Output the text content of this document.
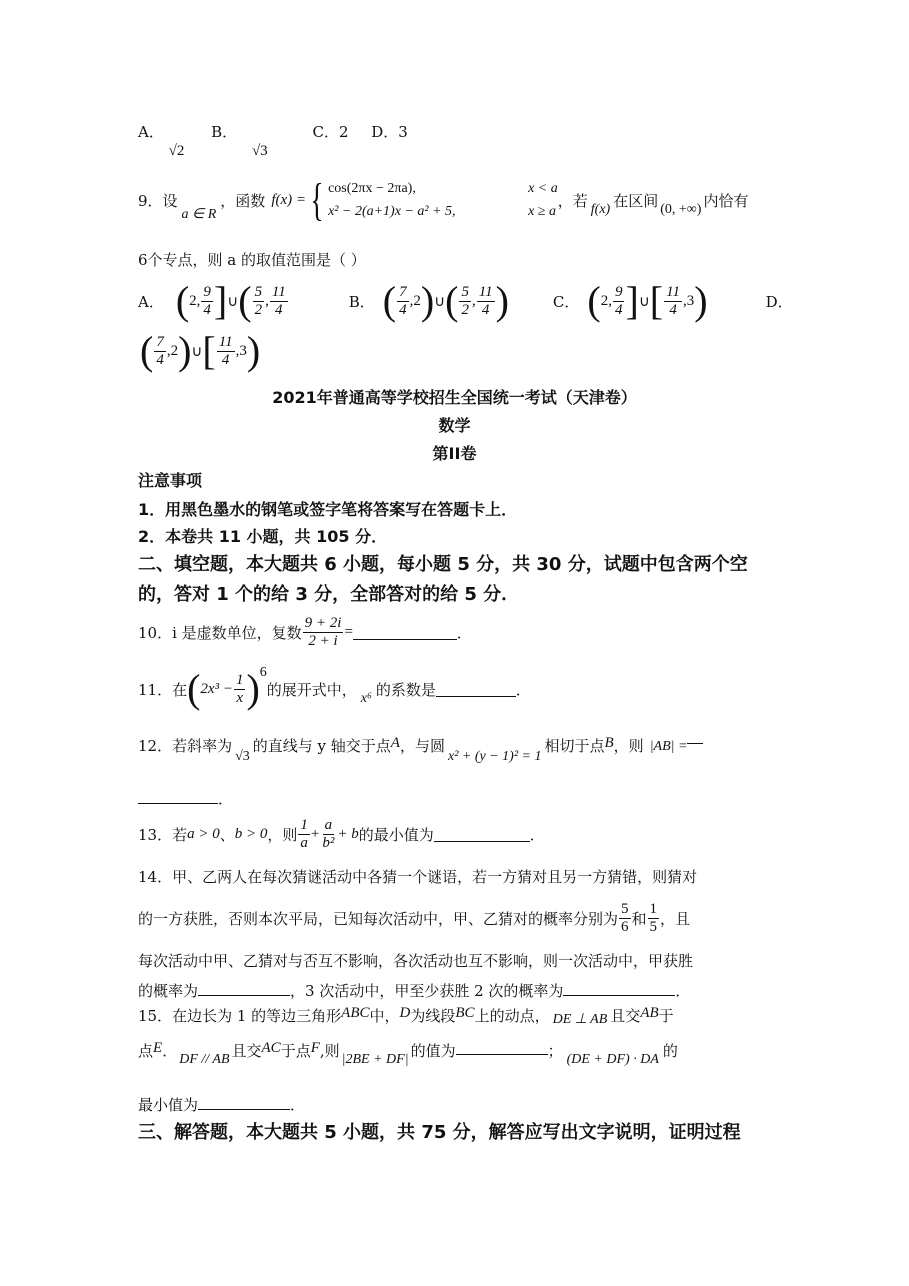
A． √2 B． √3 C．2 D．3
9．设
a ∈ R
，函数 f(x) = { cos(2πx − 2πa),	x < a
x² − 2(a+1)x − a² + 5,	x ≥ a
，若 f(x) 在区间 (0, +∞) 内恰有
6个专点，则 a 的取值范围是（ ）
A． ( 2, $\frac{9}{4}$ ] ∪ ( $\frac{5}{2}$ , $\frac{11}{4}$	B． ( $\frac{7}{4} ,2$ ) ∪ ( $\frac{5}{2}$ , $\frac{11}{4}$ )	C． ( 2, $\frac{9}{4}$ ] ∪ [ $\frac{11}{4} ,3$ )	D．
( $\frac{7}{4} ,2$ ) ∪ [ $\frac{11}{4} ,3$ )
2021年普通高等学校招生全国统一考试（天津卷）
数学
第II卷
注意事项
1．用黑色墨水的钢笔或签字笔将答案写在答题卡上．
2．本卷共 11 小题，共 105 分．
二、填空题，本大题共 6 小题，每小题 5 分，共 30 分，试题中包含两个空
的，答对 1 个的给 3 分，全部答对的给 5 分．
10．i 是虚数单位，复数 $\frac{9 + 2i}{2 + i}$ =	．
11．在 ( $2x^3 - \frac{1}{x}$ ) 6
的展开式中， x⁶ 的系数是	．
12．若斜率为
√3
的直线与 y 轴交于点 A ，与圆
x² + (y − 1)² = 1
相切于点 B ，则 |AB| =
．
13．若 a > 0 、 b > 0 ，则 $\frac{1}{a} + \frac{a}{\text{b²}} + b$ 的最小值为	．
14．甲、乙两人在每次猜谜活动中各猜一个谜语，若一方猜对且另一方猜错，则猜对
的一方获胜，否则本次平局，已知每次活动中，甲、乙猜对的概率分别为 $\frac{5}{6}$ 和 $\frac{1}{5}$ ，且
每次活动中甲、乙猜对与否互不影响，各次活动也互不影响，则一次活动中，甲获胜
的概率为	，3 次活动中，甲至少获胜 2 次的概率为	．
15．在边长为 1 的等边三角形 ABC 中， D 为线段 BC 上的动点， DE ⊥ AB 且交 AB 于
点 E ． DF // AB 且交 AC 于点 F ,则 |2BE + DF| 的值为	； (DE + DF) · DA 的
最小值为	．
三、解答题，本大题共 5 小题，共 75 分，解答应写出文字说明，证明过程
